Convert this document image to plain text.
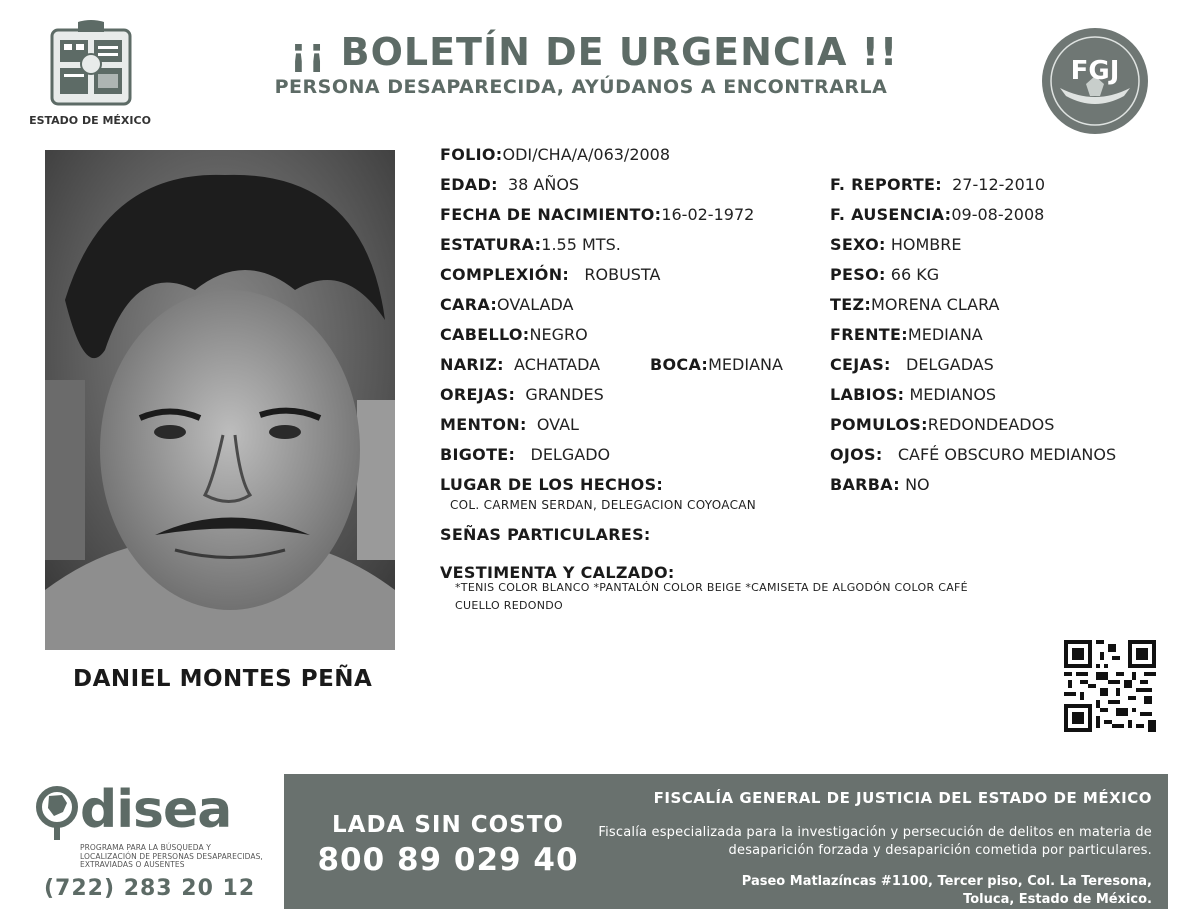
ESTADO DE MÉXICO
¡¡ BOLETÍN DE URGENCIA !!
PERSONA DESAPARECIDA, AYÚDANOS A ENCONTRARLA
FGJ
DANIEL MONTES PEÑA
FOLIO:ODI/CHA/A/063/2008
EDAD: 38 AÑOS
FECHA DE NACIMIENTO:16-02-1972
ESTATURA:1.55 MTS.
COMPLEXIÓN: ROBUSTA
CARA:OVALADA
CABELLO:NEGRO
NARIZ: ACHATADA	BOCA:MEDIANA
OREJAS: GRANDES
MENTON: OVAL
BIGOTE: DELGADO
LUGAR DE LOS HECHOS:
COL. CARMEN SERDAN, DELEGACION COYOACAN
SEÑAS PARTICULARES:
VESTIMENTA Y CALZADO:
*TENIS COLOR BLANCO *PANTALÓN COLOR BEIGE *CAMISETA DE ALGODÓN COLOR CAFÉ
CUELLO REDONDO
F. REPORTE: 27-12-2010
F. AUSENCIA:09-08-2008
SEXO: HOMBRE
PESO: 66 KG
TEZ:MORENA CLARA
FRENTE:MEDIANA
CEJAS: DELGADAS
LABIOS: MEDIANOS
POMULOS:REDONDEADOS
OJOS: CAFÉ OBSCURO MEDIANOS
BARBA: NO
disea
PROGRAMA PARA LA BÚSQUEDA Y LOCALIZACIÓN DE PERSONAS DESAPARECIDAS, EXTRAVIADAS O AUSENTES
(722) 283 20 12
LADA SIN COSTO
800 89 029 40
FISCALÍA GENERAL DE JUSTICIA DEL ESTADO DE MÉXICO
Fiscalía especializada para la investigación y persecución de delitos en materia de desaparición forzada y desaparición cometida por particulares.
Paseo Matlazíncas #1100, Tercer piso, Col. La Teresona,
Toluca, Estado de México.
